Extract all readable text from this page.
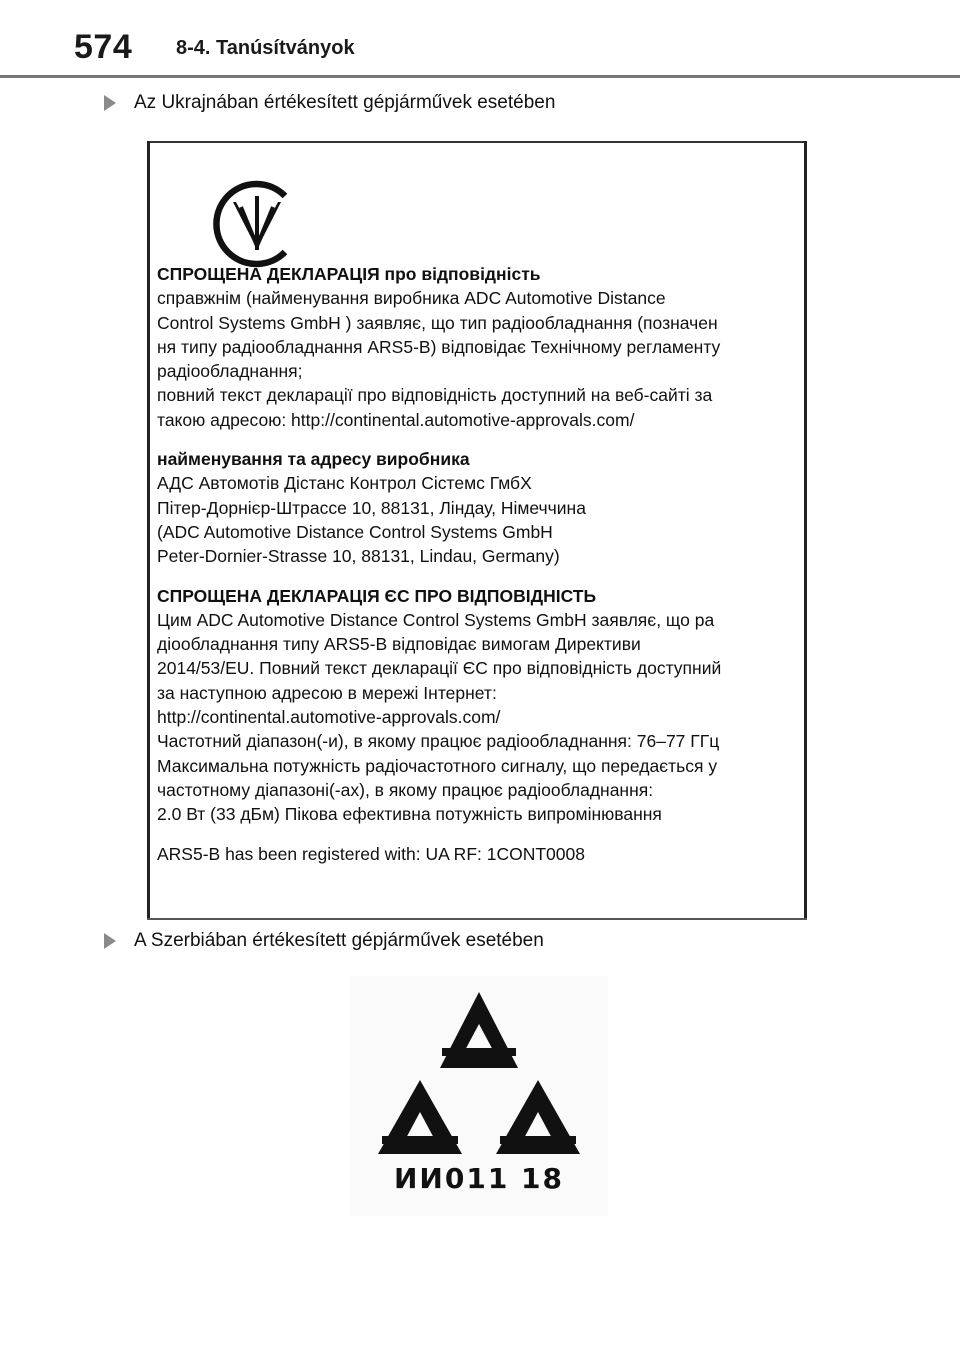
574 8-4. Tanúsítványok
Az Ukrajnában értékesített gépjárművek esetében

СПРОЩЕНА ДЕКЛАРАЦІЯ про відповідність

справжнім (найменування виробника ADC Automotive Distance

Control Systems GmbH ) заявляє, що тип радіообладнання (позначен

ня типу радіообладнання ARS5-B) відповідає Технічному регламенту

радіообладнання;

повний текст декларації про відповідність доступний на веб-сайті за

такою адресою: http://continental.automotive-approvals.com/

найменування та адресу виробника

АДС Автомотів Дістанс Контрол Сістемс ГмбХ

Пітер-Дорнієр-Штрассе 10, 88131, Ліндау, Німеччина

(ADC Automotive Distance Control Systems GmbH

Peter-Dornier-Strasse 10, 88131, Lindau, Germany)

СПРОЩЕНА ДЕКЛАРАЦІЯ ЄС ПРО ВІДПОВІДНІСТЬ

Цим ADC Automotive Distance Control Systems GmbH заявляє, що ра

діообладнання типу ARS5-B відповідає вимогам Директиви

2014/53/EU. Повний текст декларації ЄС про відповідність доступний

за наступною адресою в мережі Інтернет:

http://continental.automotive-approvals.com/

Частотний діапазон(-и), в якому працює радіообладнання: 76–77 ГГц

Максимальна потужність радіочастотного сигналу, що передається у

частотному діапазоні(-ах), в якому працює радіообладнання:

2.0 Вт (33 дБм) Пікова ефективна потужність випромінювання

ARS5-B has been registered with: UA RF: 1CONT0008

A Szerbiában értékesített gépjárművek esetében
ИИ011 18
